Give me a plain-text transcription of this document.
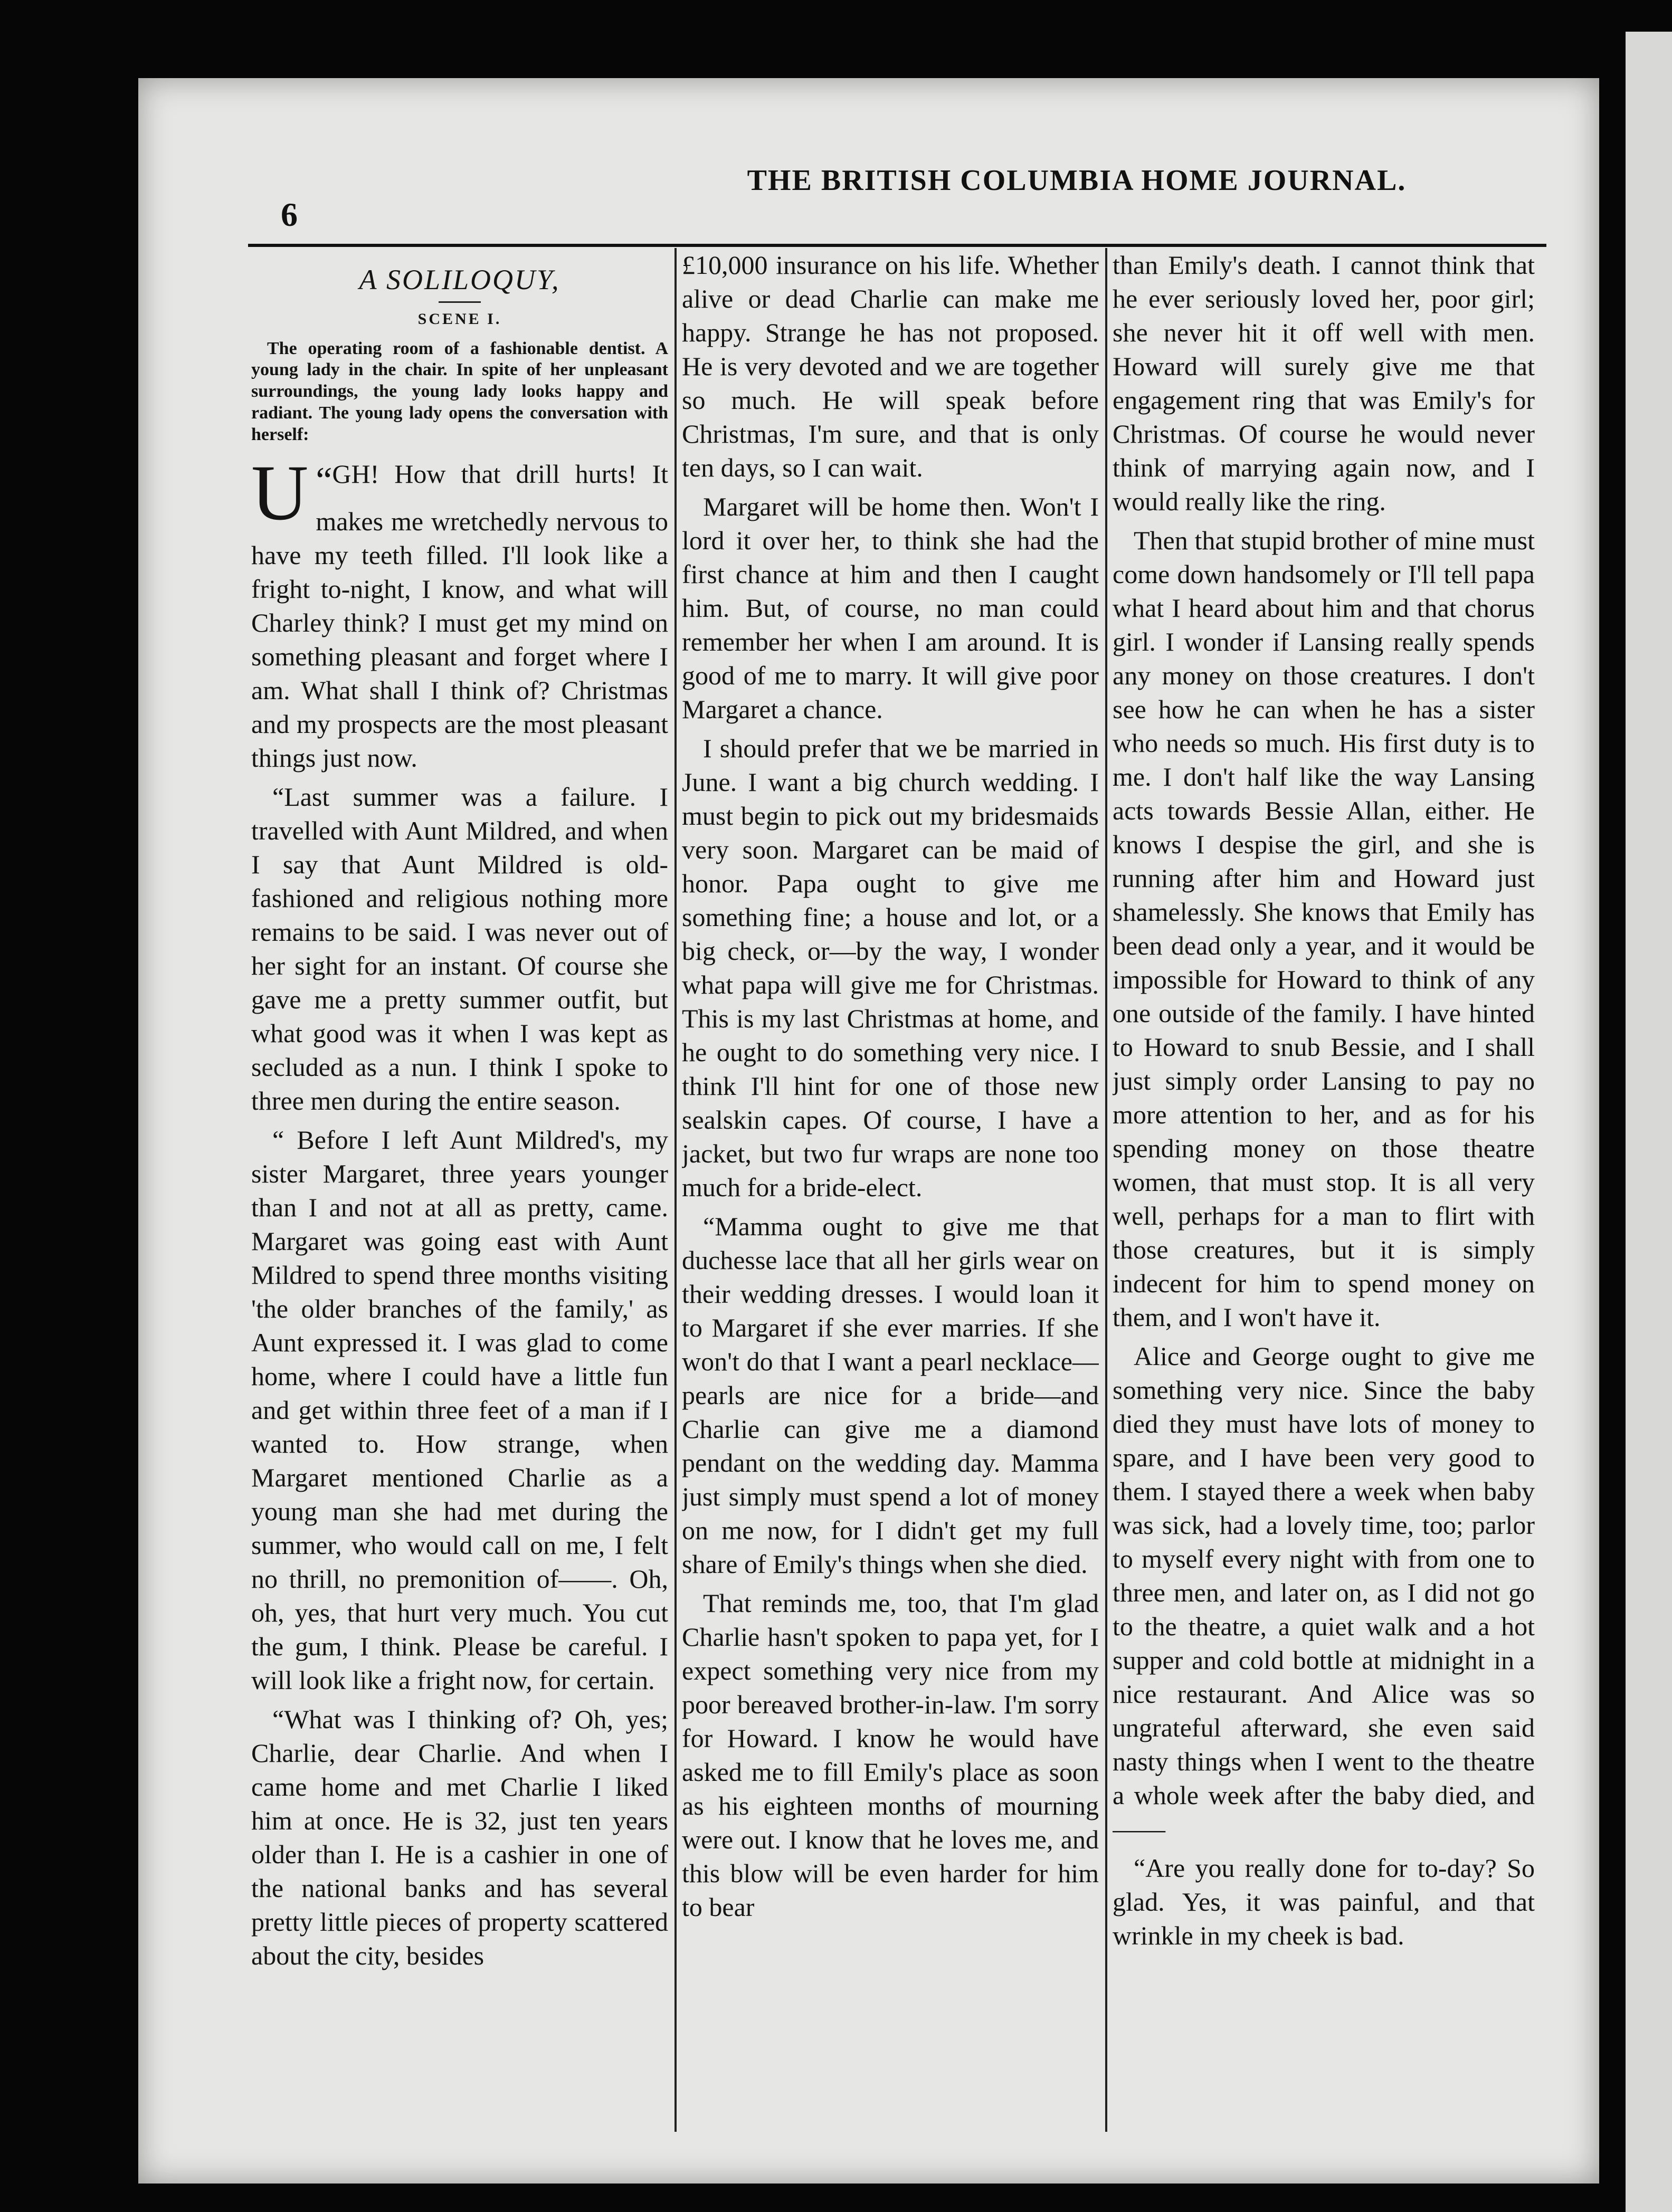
6
THE BRITISH COLUMBIA HOME JOURNAL.
A SOLILOQUY,
SCENE I.
The operating room of a fashionable dentist. A young lady in the chair. In spite of her unpleasant surroundings, the young lady looks happy and radiant. The young lady opens the conversation with herself:

“
U GH! How that drill hurts! It makes me wretchedly nervous to have my teeth filled. I'll look like a fright to-night, I know, and what will Charley think? I must get my mind on something pleasant and forget where I am. What shall I think of? Christmas and my prospects are the most pleasant things just now.

“Last summer was a failure. I travelled with Aunt Mildred, and when I say that Aunt Mildred is old-fashioned and religious nothing more remains to be said. I was never out of her sight for an instant. Of course she gave me a pretty summer outfit, but what good was it when I was kept as secluded as a nun. I think I spoke to three men during the entire season.

“ Before I left Aunt Mildred's, my sister Margaret, three years younger than I and not at all as pretty, came. Margaret was going east with Aunt Mildred to spend three months visiting 'the older branches of the family,' as Aunt expressed it. I was glad to come home, where I could have a little fun and get within three feet of a man if I wanted to. How strange, when Margaret mentioned Charlie as a young man she had met during the summer, who would call on me, I felt no thrill, no premonition of——. Oh, oh, yes, that hurt very much. You cut the gum, I think. Please be careful. I will look like a fright now, for certain.

“What was I thinking of? Oh, yes; Charlie, dear Charlie. And when I came home and met Charlie I liked him at once. He is 32, just ten years older than I. He is a cashier in one of the national banks and has several pretty little pieces of property scattered about the city, besides

£10,000 insurance on his life. Whether alive or dead Charlie can make me happy. Strange he has not proposed. He is very devoted and we are together so much. He will speak before Christmas, I'm sure, and that is only ten days, so I can wait.

Margaret will be home then. Won't I lord it over her, to think she had the first chance at him and then I caught him. But, of course, no man could remember her when I am around. It is good of me to marry. It will give poor Margaret a chance.

I should prefer that we be married in June. I want a big church wedding. I must begin to pick out my bridesmaids very soon. Margaret can be maid of honor. Papa ought to give me something fine; a house and lot, or a big check, or—by the way, I wonder what papa will give me for Christmas. This is my last Christmas at home, and he ought to do something very nice. I think I'll hint for one of those new sealskin capes. Of course, I have a jacket, but two fur wraps are none too much for a bride-elect.

“Mamma ought to give me that duchesse lace that all her girls wear on their wedding dresses. I would loan it to Margaret if she ever marries. If she won't do that I want a pearl necklace—pearls are nice for a bride—and Charlie can give me a diamond pendant on the wedding day. Mamma just simply must spend a lot of money on me now, for I didn't get my full share of Emily's things when she died.

That reminds me, too, that I'm glad Charlie hasn't spoken to papa yet, for I expect something very nice from my poor bereaved brother-in-law. I'm sorry for Howard. I know he would have asked me to fill Emily's place as soon as his eighteen months of mourning were out. I know that he loves me, and this blow will be even harder for him to bear

than Emily's death. I cannot think that he ever seriously loved her, poor girl; she never hit it off well with men. Howard will surely give me that engagement ring that was Emily's for Christmas. Of course he would never think of marrying again now, and I would really like the ring.

Then that stupid brother of mine must come down handsomely or I'll tell papa what I heard about him and that chorus girl. I wonder if Lansing really spends any money on those creatures. I don't see how he can when he has a sister who needs so much. His first duty is to me. I don't half like the way Lansing acts towards Bessie Allan, either. He knows I despise the girl, and she is running after him and Howard just shamelessly. She knows that Emily has been dead only a year, and it would be impossible for Howard to think of any one outside of the family. I have hinted to Howard to snub Bessie, and I shall just simply order Lansing to pay no more attention to her, and as for his spending money on those theatre women, that must stop. It is all very well, perhaps for a man to flirt with those creatures, but it is simply indecent for him to spend money on them, and I won't have it.

Alice and George ought to give me something very nice. Since the baby died they must have lots of money to spare, and I have been very good to them. I stayed there a week when baby was sick, had a lovely time, too; parlor to myself every night with from one to three men, and later on, as I did not go to the theatre, a quiet walk and a hot supper and cold bottle at midnight in a nice restaurant. And Alice was so ungrateful afterward, she even said nasty things when I went to the theatre a whole week after the baby died, and——

“Are you really done for to-day? So glad. Yes, it was painful, and that wrinkle in my cheek is bad.
